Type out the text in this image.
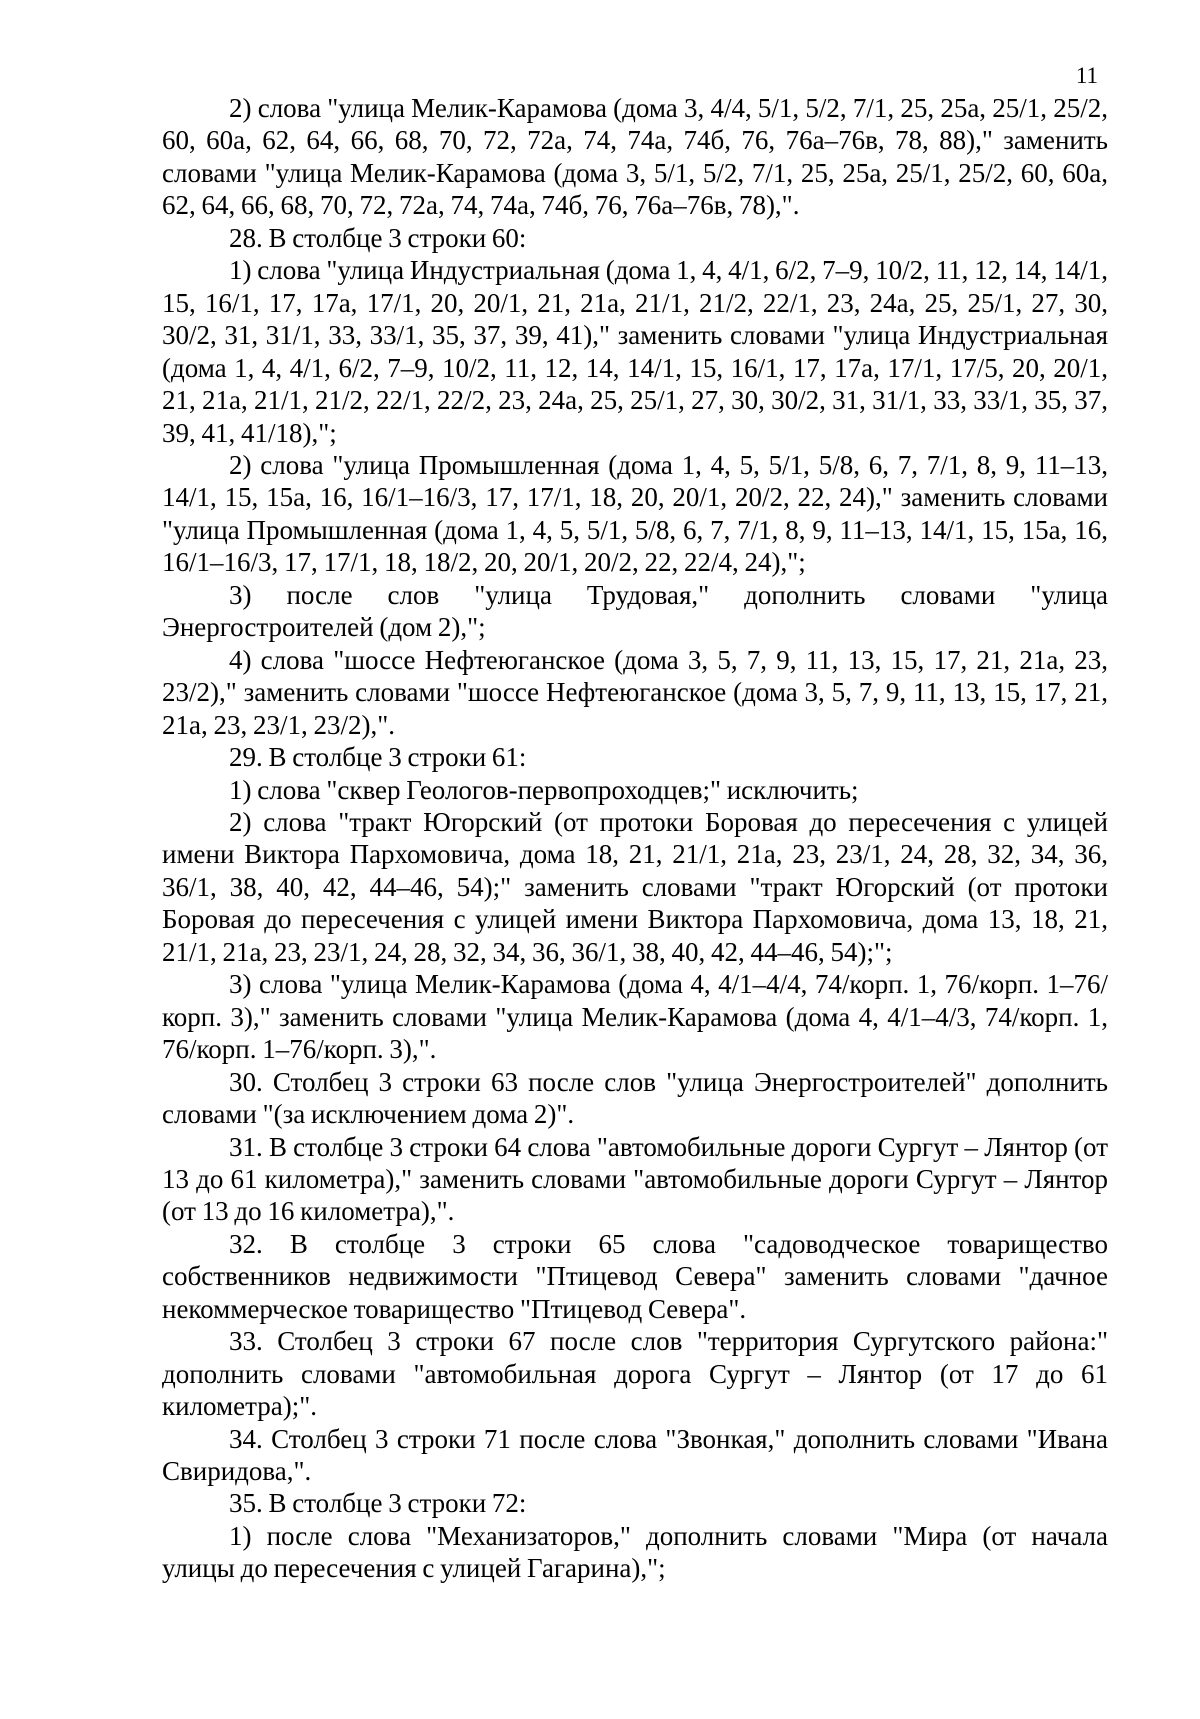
11

2) слова "улица Мелик-Карамова (дома 3, 4/4, 5/1, 5/2, 7/1, 25, 25а, 25/1, 25/2, 60, 60а, 62, 64, 66, 68, 70, 72, 72а, 74, 74а, 74б, 76, 76а–76в, 78, 88)," заменить словами "улица Мелик-Карамова (дома 3, 5/1, 5/2, 7/1, 25, 25а, 25/1, 25/2, 60, 60а, 62, 64, 66, 68, 70, 72, 72а, 74, 74а, 74б, 76, 76а–76в, 78),".

28. В столбце 3 строки 60:

1) слова "улица Индустриальная (дома 1, 4, 4/1, 6/2, 7–9, 10/2, 11, 12, 14, 14/1, 15, 16/1, 17, 17а, 17/1, 20, 20/1, 21, 21а, 21/1, 21/2, 22/1, 23, 24а, 25, 25/1, 27, 30, 30/2, 31, 31/1, 33, 33/1, 35, 37, 39, 41)," заменить словами "улица Индустриальная (дома 1, 4, 4/1, 6/2, 7–9, 10/2, 11, 12, 14, 14/1, 15, 16/1, 17, 17а, 17/1, 17/5, 20, 20/1, 21, 21а, 21/1, 21/2, 22/1, 22/2, 23, 24а, 25, 25/1, 27, 30, 30/2, 31, 31/1, 33, 33/1, 35, 37, 39, 41, 41/18),";

2) слова "улица Промышленная (дома 1, 4, 5, 5/1, 5/8, 6, 7, 7/1, 8, 9, 11–13, 14/1, 15, 15а, 16, 16/1–16/3, 17, 17/1, 18, 20, 20/1, 20/2, 22, 24)," заменить словами "улица Промышленная (дома 1, 4, 5, 5/1, 5/8, 6, 7, 7/1, 8, 9, 11–13, 14/1, 15, 15а, 16, 16/1–16/3, 17, 17/1, 18, 18/2, 20, 20/1, 20/2, 22, 22/4, 24),";

3) после слов "улица Трудовая," дополнить словами "улица Энергостроителей (дом 2),";

4) слова "шоссе Нефтеюганское (дома 3, 5, 7, 9, 11, 13, 15, 17, 21, 21а, 23, 23/2)," заменить словами "шоссе Нефтеюганское (дома 3, 5, 7, 9, 11, 13, 15, 17, 21, 21а, 23, 23/1, 23/2),".

29. В столбце 3 строки 61:

1) слова "сквер Геологов-первопроходцев;" исключить;

2) слова "тракт Югорский (от протоки Боровая до пересечения с улицей имени Виктора Пархомовича, дома 18, 21, 21/1, 21а, 23, 23/1, 24, 28, 32, 34, 36, 36/1, 38, 40, 42, 44–46, 54);" заменить словами "тракт Югорский (от протоки Боровая до пересечения с улицей имени Виктора Пархомовича, дома 13, 18, 21, 21/1, 21а, 23, 23/1, 24, 28, 32, 34, 36, 36/1, 38, 40, 42, 44–46, 54);";

3) слова "улица Мелик-Карамова (дома 4, 4/1–4/4, 74/корп. 1, 76/корп. 1–76/корп. 3)," заменить словами "улица Мелик-Карамова (дома 4, 4/1–4/3, 74/корп. 1, 76/корп. 1–76/корп. 3),".

30. Столбец 3 строки 63 после слов "улица Энергостроителей" дополнить словами "(за исключением дома 2)".

31. В столбце 3 строки 64 слова "автомобильные дороги Сургут – Лянтор (от 13 до 61 километра)," заменить словами "автомобильные дороги Сургут – Лянтор (от 13 до 16 километра),".

32. В столбце 3 строки 65 слова "садоводческое товарищество собственников недвижимости "Птицевод Севера" заменить словами "дачное некоммерческое товарищество "Птицевод Севера".

33. Столбец 3 строки 67 после слов "территория Сургутского района:" дополнить словами "автомобильная дорога Сургут – Лянтор (от 17 до 61 километра);".

34. Столбец 3 строки 71 после слова "Звонкая," дополнить словами "Ивана Свиридова,".

35. В столбце 3 строки 72:

1) после слова "Механизаторов," дополнить словами "Мира (от начала улицы до пересечения с улицей Гагарина),";
